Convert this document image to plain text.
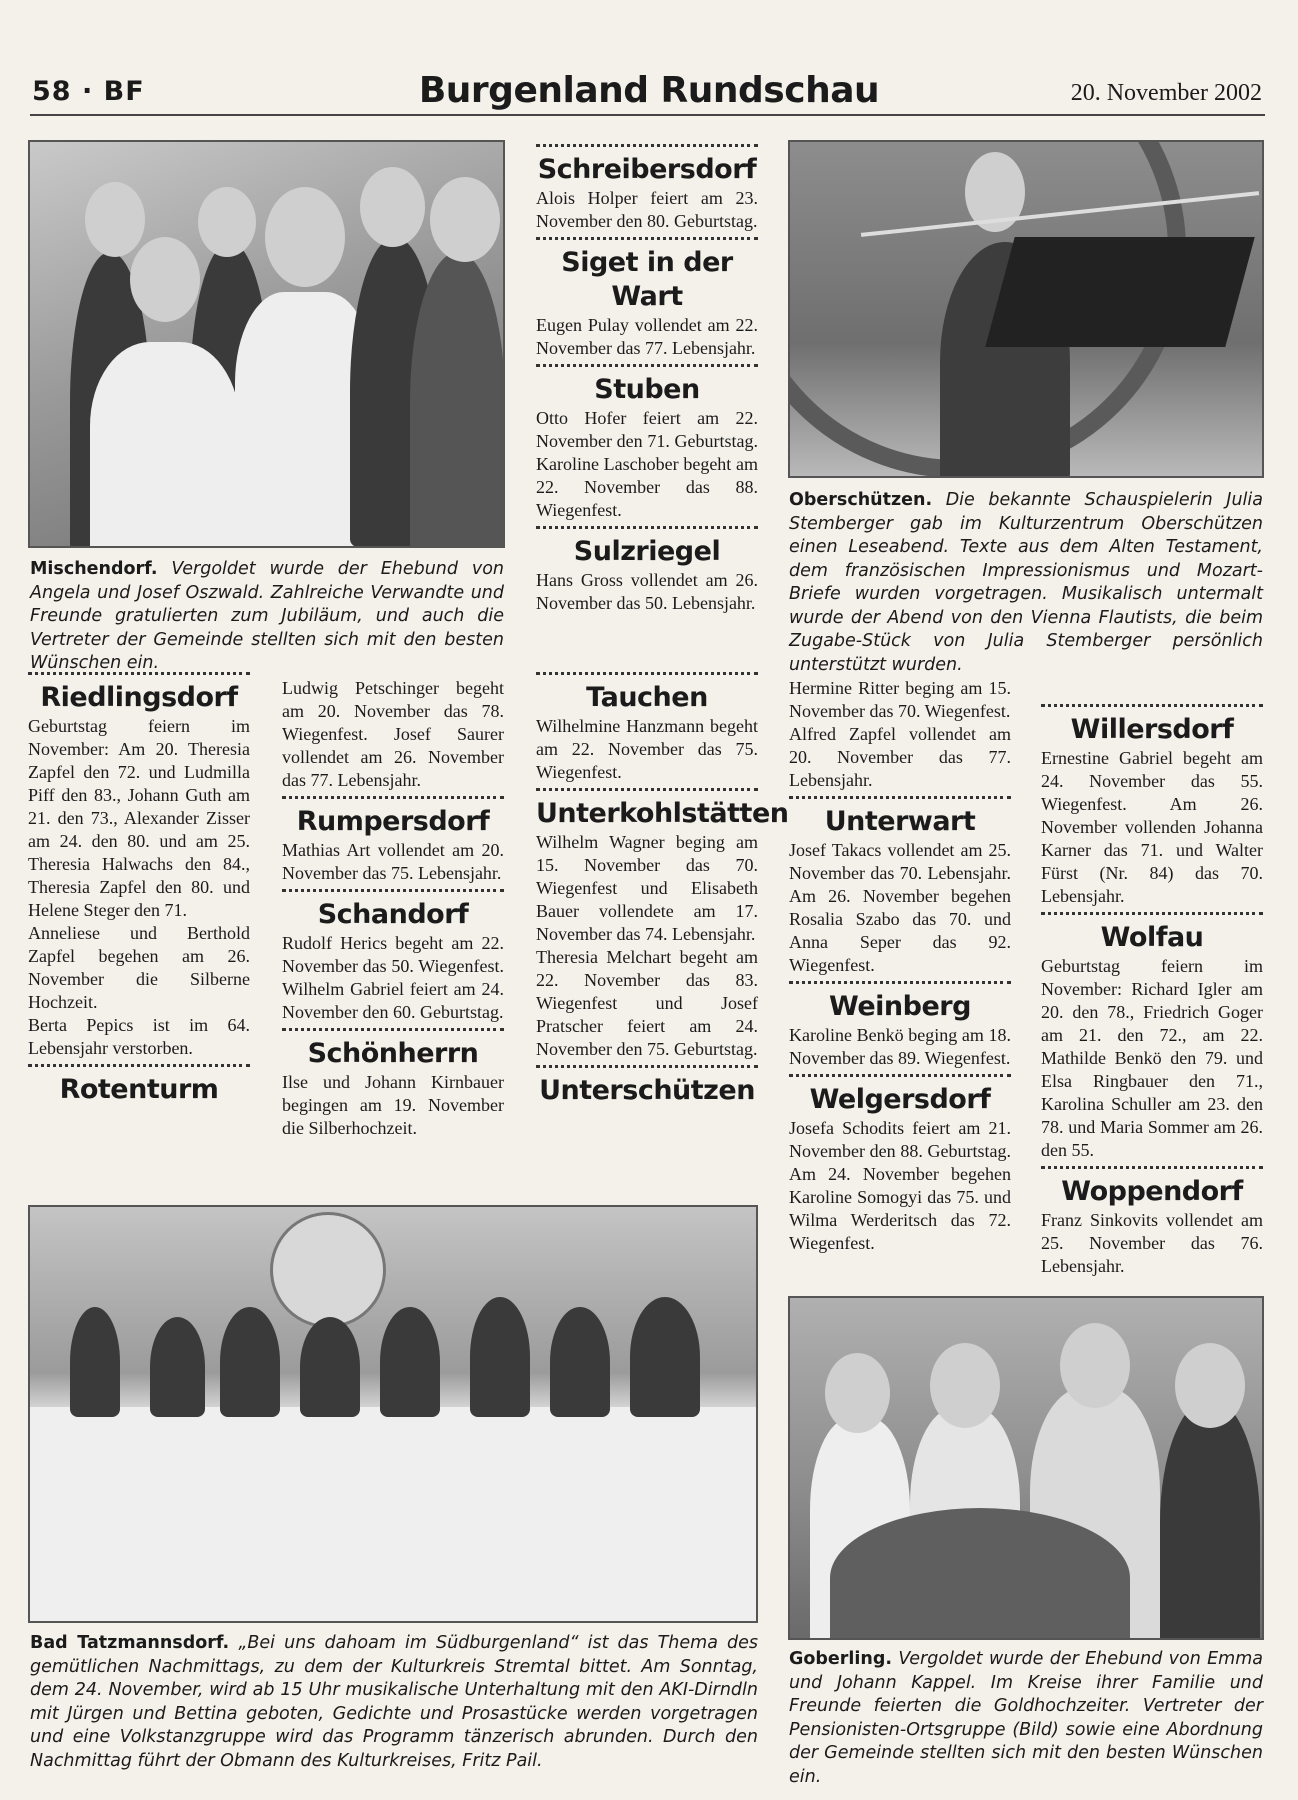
58 · BF	Burgenland Rundschau	20. November 2002
Mischendorf. Vergoldet wurde der Ehebund von Angela und Josef Oszwald. Zahlreiche Verwandte und Freunde gratulierten zum Jubiläum, und auch die Vertreter der Gemeinde stellten sich mit den besten Wünschen ein.
Schreibersdorf
Alois Holper feiert am 23. November den 80. Geburtstag.
Siget in der Wart
Eugen Pulay vollendet am 22. November das 77. Lebensjahr.
Stuben
Otto Hofer feiert am 22. November den 71. Geburtstag. Karoline Laschober begeht am 22. November das 88. Wiegenfest.
Sulzriegel
Hans Gross vollendet am 26. November das 50. Lebensjahr.
Oberschützen. Die bekannte Schauspielerin Julia Stemberger gab im Kulturzentrum Oberschützen einen Leseabend. Texte aus dem Alten Testament, dem französischen Impressionismus und Mozart-Briefe wurden vorgetragen. Musikalisch untermalt wurde der Abend von den Vienna Flautists, die beim Zugabe-Stück von Julia Stemberger persönlich unterstützt wurden.
Riedlingsdorf
Geburtstag feiern im November: Am 20. Theresia Zapfel den 72. und Ludmilla Piff den 83., Johann Guth am 21. den 73., Alexander Zisser am 24. den 80. und am 25. Theresia Halwachs den 84., Theresia Zapfel den 80. und Helene Steger den 71.
Anneliese und Berthold Zapfel begehen am 26. November die Silberne Hochzeit.
Berta Pepics ist im 64. Lebensjahr verstorben.
Rotenturm
Ludwig Petschinger begeht am 20. November das 78. Wiegenfest. Josef Saurer vollendet am 26. November das 77. Lebensjahr.
Rumpersdorf
Mathias Art vollendet am 20. November das 75. Lebensjahr.
Schandorf
Rudolf Herics begeht am 22. November das 50. Wiegenfest. Wilhelm Gabriel feiert am 24. November den 60. Geburtstag.
Schönherrn
Ilse und Johann Kirnbauer begingen am 19. November die Silberhochzeit.
Tauchen
Wilhelmine Hanzmann begeht am 22. November das 75. Wiegenfest.
Unterkohlstätten
Wilhelm Wagner beging am 15. November das 70. Wiegenfest und Elisabeth Bauer vollendete am 17. November das 74. Lebensjahr.
Theresia Melchart begeht am 22. November das 83. Wiegenfest und Josef Pratscher feiert am 24. November den 75. Geburtstag.
Unterschützen
Hermine Ritter beging am 15. November das 70. Wiegenfest.
Alfred Zapfel vollendet am 20. November das 77. Lebensjahr.
Unterwart
Josef Takacs vollendet am 25. November das 70. Lebensjahr. Am 26. November begehen Rosalia Szabo das 70. und Anna Seper das 92. Wiegenfest.
Weinberg
Karoline Benkö beging am 18. November das 89. Wiegenfest.
Welgersdorf
Josefa Schodits feiert am 21. November den 88. Geburtstag. Am 24. November begehen Karoline Somogyi das 75. und Wilma Werderitsch das 72. Wiegenfest.
Willersdorf
Ernestine Gabriel begeht am 24. November das 55. Wiegenfest. Am 26. November vollenden Johanna Karner das 71. und Walter Fürst (Nr. 84) das 70. Lebensjahr.
Wolfau
Geburtstag feiern im November: Richard Igler am 20. den 78., Friedrich Goger am 21. den 72., am 22. Mathilde Benkö den 79. und Elsa Ringbauer den 71., Karolina Schuller am 23. den 78. und Maria Sommer am 26. den 55.
Woppendorf
Franz Sinkovits vollendet am 25. November das 76. Lebensjahr.
Bad Tatzmannsdorf. „Bei uns dahoam im Südburgenland“ ist das Thema des gemütlichen Nachmittags, zu dem der Kulturkreis Stremtal bittet. Am Sonntag, dem 24. November, wird ab 15 Uhr musikalische Unterhaltung mit den AKI-Dirndln mit Jürgen und Bettina geboten, Gedichte und Prosastücke werden vorgetragen und eine Volkstanzgruppe wird das Programm tänzerisch abrunden. Durch den Nachmittag führt der Obmann des Kulturkreises, Fritz Pail.
Goberling. Vergoldet wurde der Ehebund von Emma und Johann Kappel. Im Kreise ihrer Familie und Freunde feierten die Goldhochzeiter. Vertreter der Pensionisten-Ortsgruppe (Bild) sowie eine Abordnung der Gemeinde stellten sich mit den besten Wünschen ein.
